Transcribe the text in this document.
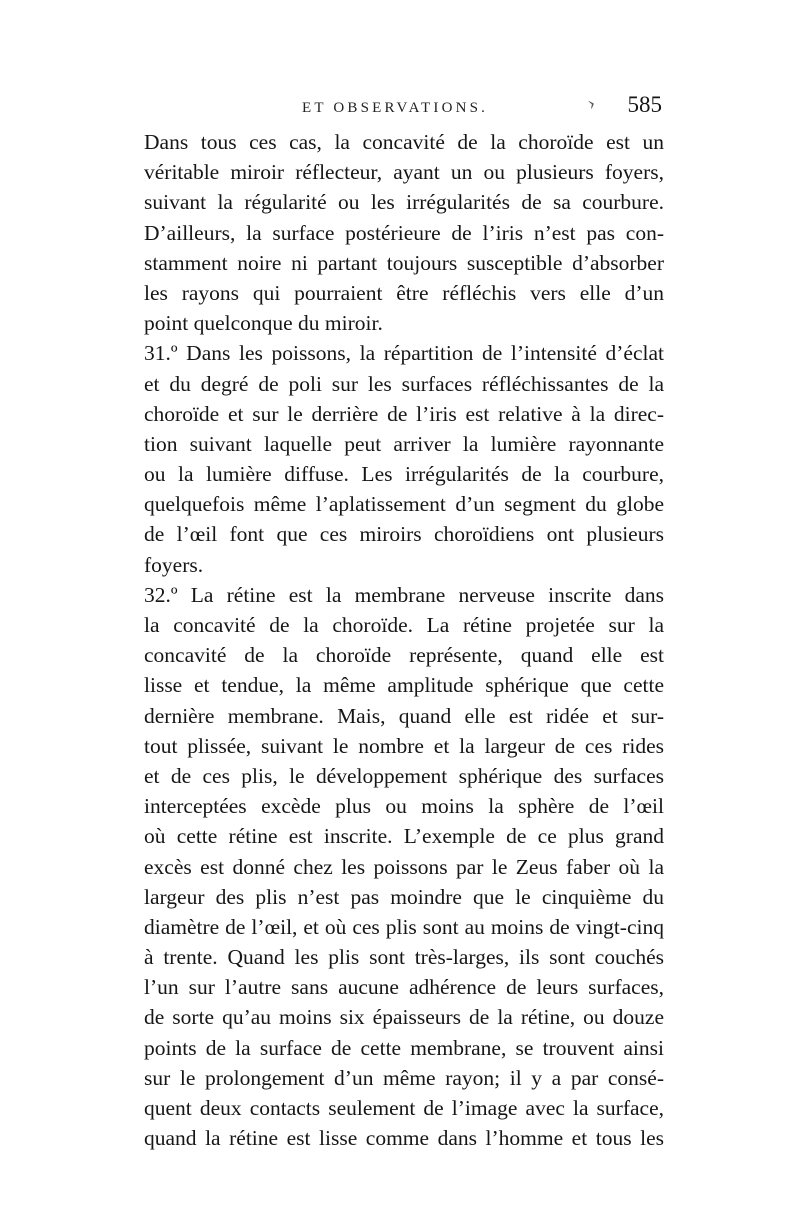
ET OBSERVATIONS.	› 585
Dans tous ces cas, la concavité de la choroïde est un
véritable miroir réflecteur, ayant un ou plusieurs foyers,
suivant la régularité ou les irrégularités de sa courbure.
D’ailleurs, la surface postérieure de l’iris n’est pas con-
stamment noire ni partant toujours susceptible d’absorber
les rayons qui pourraient être réfléchis vers elle d’un
point quelconque du miroir.
31.º Dans les poissons, la répartition de l’intensité d’éclat
et du degré de poli sur les surfaces réfléchissantes de la
choroïde et sur le derrière de l’iris est relative à la direc-
tion suivant laquelle peut arriver la lumière rayonnante
ou la lumière diffuse. Les irrégularités de la courbure,
quelquefois même l’aplatissement d’un segment du globe
de l’œil font que ces miroirs choroïdiens ont plusieurs
foyers.
32.º La rétine est la membrane nerveuse inscrite dans
la concavité de la choroïde. La rétine projetée sur la
concavité de la choroïde représente, quand elle est
lisse et tendue, la même amplitude sphérique que cette
dernière membrane. Mais, quand elle est ridée et sur-
tout plissée, suivant le nombre et la largeur de ces rides
et de ces plis, le développement sphérique des surfaces
interceptées excède plus ou moins la sphère de l’œil
où cette rétine est inscrite. L’exemple de ce plus grand
excès est donné chez les poissons par le Zeus faber où la
largeur des plis n’est pas moindre que le cinquième du
diamètre de l’œil, et où ces plis sont au moins de vingt-cinq
à trente. Quand les plis sont très-larges, ils sont couchés
l’un sur l’autre sans aucune adhérence de leurs surfaces,
de sorte qu’au moins six épaisseurs de la rétine, ou douze
points de la surface de cette membrane, se trouvent ainsi
sur le prolongement d’un même rayon; il y a par consé-
quent deux contacts seulement de l’image avec la surface,
quand la rétine est lisse comme dans l’homme et tous les
